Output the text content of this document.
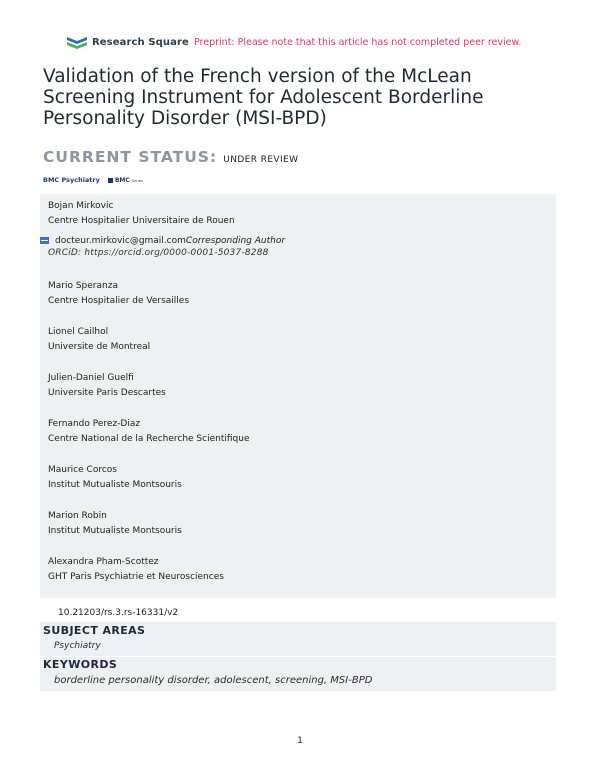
Research Square Preprint: Please note that this article has not completed peer review.
Validation of the French version of the McLean Screening Instrument for Adolescent Borderline Personality Disorder (MSI-BPD)
CURRENT STATUS: UNDER REVIEW
BMC Psychiatry	BMC Series
Bojan Mirkovic
Centre Hospitalier Universitaire de Rouen
docteur.mirkovic@gmail.comCorresponding Author
ORCiD: https://orcid.org/0000-0001-5037-8288
Mario Speranza
Centre Hospitalier de Versailles
Lionel Cailhol
Universite de Montreal
Julien-Daniel Guelfi
Universite Paris Descartes
Fernando Perez-Diaz
Centre National de la Recherche Scientifique
Maurice Corcos
Institut Mutualiste Montsouris
Marion Robin
Institut Mutualiste Montsouris
Alexandra Pham-Scottez
GHT Paris Psychiatrie et Neurosciences
10.21203/rs.3.rs-16331/v2
SUBJECT AREAS
Psychiatry
KEYWORDS
borderline personality disorder, adolescent, screening, MSI-BPD
1
